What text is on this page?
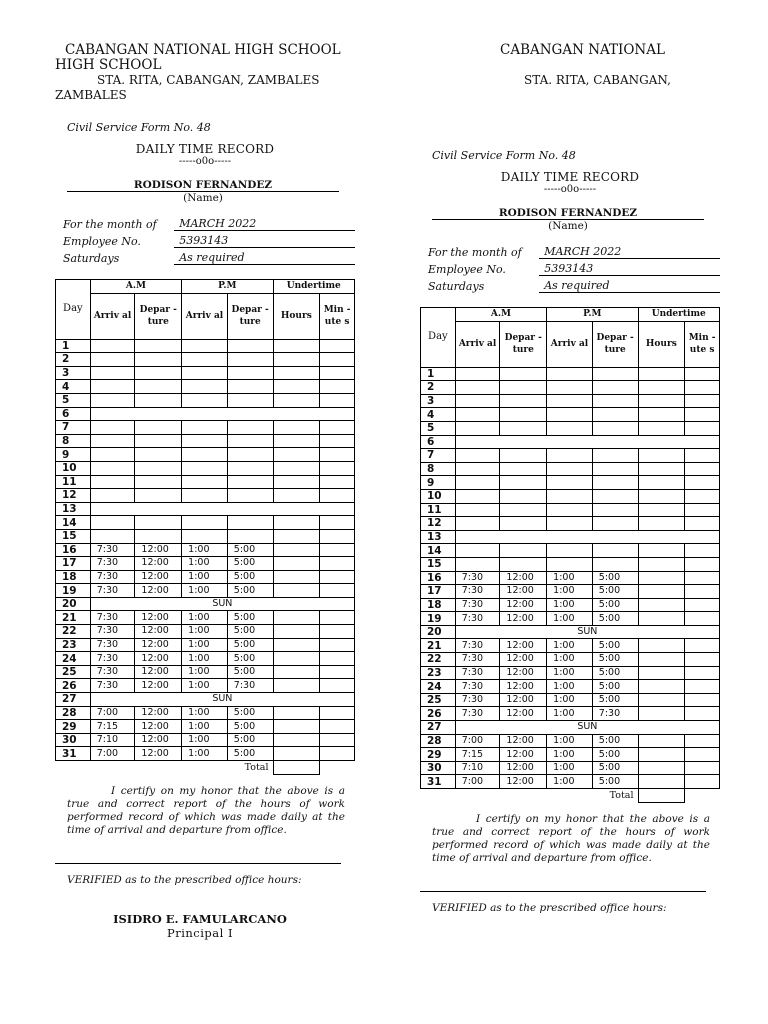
CABANGAN NATIONAL HIGH SCHOOL
HIGH SCHOOL
STA. RITA, CABANGAN, ZAMBALES
ZAMBALES
Civil Service Form No. 48
DAILY TIME RECORD
-----o0o-----
RODISON FERNANDEZ
(Name)
For the month of	MARCH 2022
Employee No.	5393143
Saturdays	As required
Day	A.M		P.M		Undertime	
	Arriv al	Depar -ture	Arriv al	Depar -ture	Hours	Min - ute s
1						
2						
3						
4						
5						
6						
7						
8						
9						
10						
11						
12						
13						
14						
15						
16	7:30	12:00	1:00	5:00		
17	7:30	12:00	1:00	5:00		
18	7:30	12:00	1:00	5:00		
19	7:30	12:00	1:00	5:00		
20	SUN					
21	7:30	12:00	1:00	5:00		
22	7:30	12:00	1:00	5:00		
23	7:30	12:00	1:00	5:00		
24	7:30	12:00	1:00	5:00		
25	7:30	12:00	1:00	5:00		
26	7:30	12:00	1:00	7:30		
27	SUN					
28	7:00	12:00	1:00	5:00		
29	7:15	12:00	1:00	5:00		
30	7:10	12:00	1:00	5:00		
31	7:00	12:00	1:00	5:00		
Total						
I certify on my honor that the above is a true and correct report of the hours of work performed record of which was made daily at the time of arrival and departure from office.
VERIFIED as to the prescribed office hours:
ISIDRO E. FAMULARCANO
Principal I
CABANGAN NATIONAL
STA. RITA, CABANGAN,
Civil Service Form No. 48
DAILY TIME RECORD
-----o0o-----
RODISON FERNANDEZ
(Name)
For the month of	MARCH 2022
Employee No.	5393143
Saturdays	As required
Day	A.M		P.M		Undertime	
	Arriv al	Depar -ture	Arriv al	Depar -ture	Hours	Min - ute s
1						
2						
3						
4						
5						
6						
7						
8						
9						
10						
11						
12						
13						
14						
15						
16	7:30	12:00	1:00	5:00		
17	7:30	12:00	1:00	5:00		
18	7:30	12:00	1:00	5:00		
19	7:30	12:00	1:00	5:00		
20	SUN					
21	7:30	12:00	1:00	5:00		
22	7:30	12:00	1:00	5:00		
23	7:30	12:00	1:00	5:00		
24	7:30	12:00	1:00	5:00		
25	7:30	12:00	1:00	5:00		
26	7:30	12:00	1:00	7:30		
27	SUN					
28	7:00	12:00	1:00	5:00		
29	7:15	12:00	1:00	5:00		
30	7:10	12:00	1:00	5:00		
31	7:00	12:00	1:00	5:00		
Total						
I certify on my honor that the above is a true and correct report of the hours of work performed record of which was made daily at the time of arrival and departure from office.
VERIFIED as to the prescribed office hours:
